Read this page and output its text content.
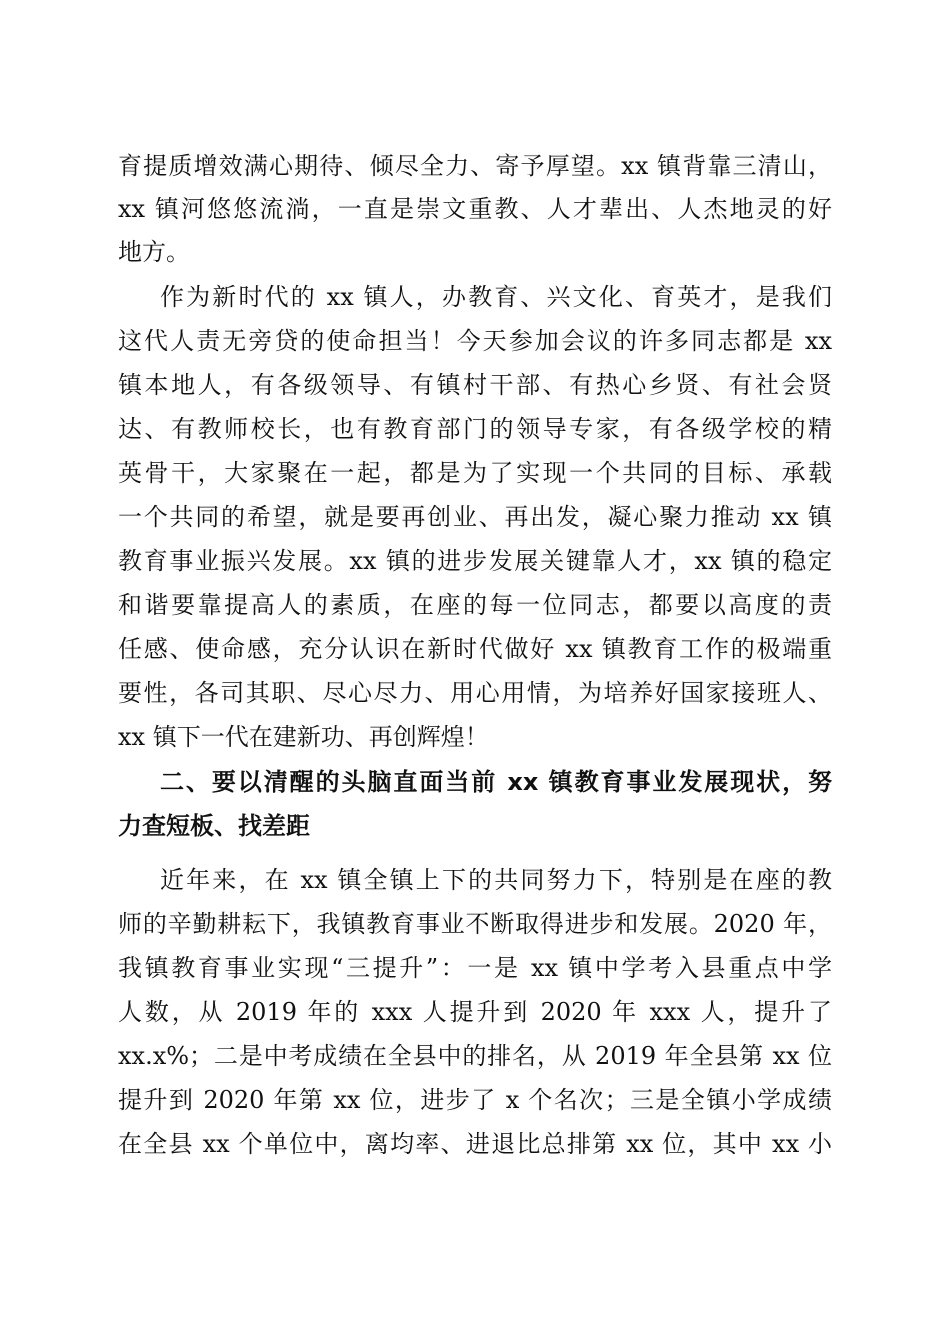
育提质增效满心期待、倾尽全力、寄予厚望。xx 镇背靠三清山，
xx 镇河悠悠流淌，一直是崇文重教、人才辈出、人杰地灵的好
地方。
作为新时代的 xx 镇人，办教育、兴文化、育英才，是我们
这代人责无旁贷的使命担当！今天参加会议的许多同志都是 xx
镇本地人，有各级领导、有镇村干部、有热心乡贤、有社会贤
达、有教师校长，也有教育部门的领导专家，有各级学校的精
英骨干，大家聚在一起，都是为了实现一个共同的目标、承载
一个共同的希望，就是要再创业、再出发，凝心聚力推动 xx 镇
教育事业振兴发展。xx 镇的进步发展关键靠人才，xx 镇的稳定
和谐要靠提高人的素质，在座的每一位同志，都要以高度的责
任感、使命感，充分认识在新时代做好 xx 镇教育工作的极端重
要性，各司其职、尽心尽力、用心用情，为培养好国家接班人、
xx 镇下一代在建新功、再创辉煌！
二、要以清醒的头脑直面当前 xx 镇教育事业发展现状，努
力查短板、找差距
近年来，在 xx 镇全镇上下的共同努力下，特别是在座的教
师的辛勤耕耘下，我镇教育事业不断取得进步和发展。2020 年，
我镇教育事业实现“三提升”：一是 xx 镇中学考入县重点中学
人数，从 2019 年的 xxx 人提升到 2020 年 xxx 人，提升了
xx.x%；二是中考成绩在全县中的排名，从 2019 年全县第 xx 位
提升到 2020 年第 xx 位，进步了 x 个名次；三是全镇小学成绩
在全县 xx 个单位中，离均率、进退比总排第 xx 位，其中 xx 小
